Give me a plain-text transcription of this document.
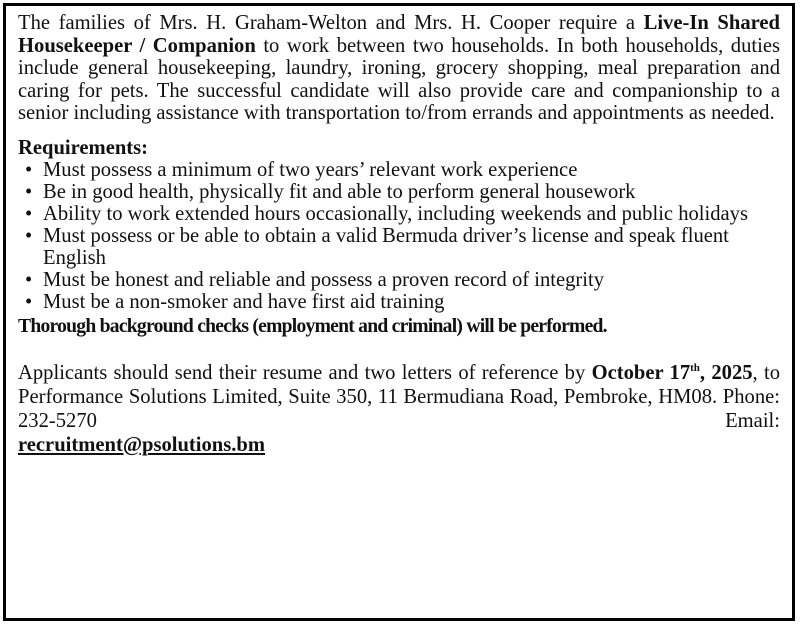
The families of Mrs. H. Graham-Welton and Mrs. H. Cooper require a Live-In Shared Housekeeper / Companion to work between two households. In both households, duties include general housekeeping, laundry, ironing, grocery shopping, meal preparation and caring for pets. The successful candidate will also provide care and companionship to a senior including assistance with transportation to/from errands and appointments as needed.

Requirements:
• Must possess a minimum of two years’ relevant work experience
• Be in good health, physically fit and able to perform general housework
• Ability to work extended hours occasionally, including weekends and public holidays
• Must possess or be able to obtain a valid Bermuda driver’s license and speak fluent English
• Must be honest and reliable and possess a proven record of integrity
• Must be a non-smoker and have first aid training
Thorough background checks (employment and criminal) will be performed.

Applicants should send their resume and two letters of reference by October 17th, 2025, to Performance Solutions Limited, Suite 350, 11 Bermudiana Road, Pembroke, HM08. Phone: 232-5270 Email:
recruitment@psolutions.bm
